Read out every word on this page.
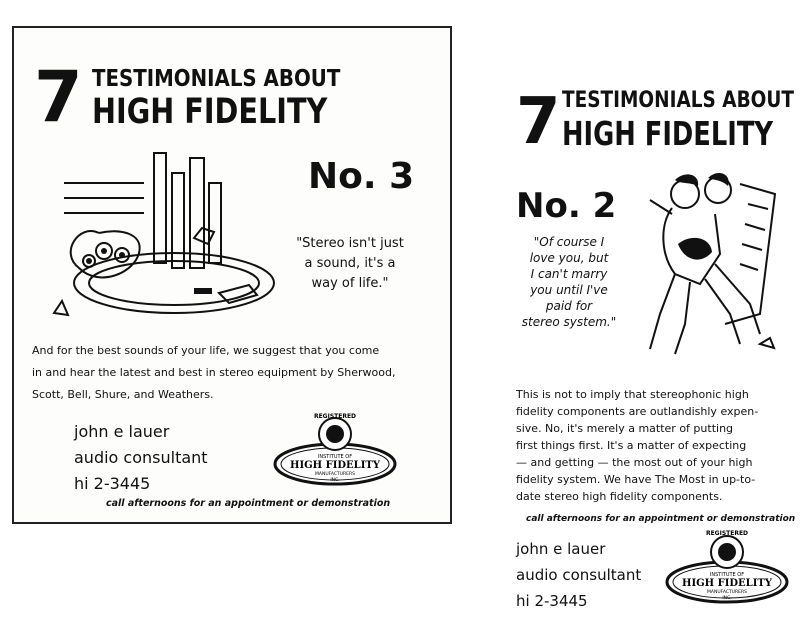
7 TESTIMONIALS ABOUT
HIGH FIDELITY
No. 3
"Stereo isn't just
a sound, it's a
way of life."
And for the best sounds of your life, we suggest that you come
in and hear the latest and best in stereo equipment by Sherwood,
Scott, Bell, Shure, and Weathers.
john e lauer
audio consultant
hi 2-3445
REGISTERED
INSTITUTE OF
HIGH FIDELITY
MANUFACTURERS
INC.
call afternoons for an appointment or demonstration
7 TESTIMONIALS ABOUT
HIGH FIDELITY
No. 2
"Of course I
love you, but
I can't marry
you until I've
paid for
stereo system."
This is not to imply that stereophonic high
fidelity components are outlandishly expen-
sive. No, it's merely a matter of putting
first things first. It's a matter of expecting
— and getting — the most out of your high
fidelity system. We have The Most in up-to-
date stereo high fidelity components.
call afternoons for an appointment or demonstration
john e lauer
audio consultant
hi 2-3445
REGISTERED
INSTITUTE OF
HIGH FIDELITY
MANUFACTURERS
INC.
